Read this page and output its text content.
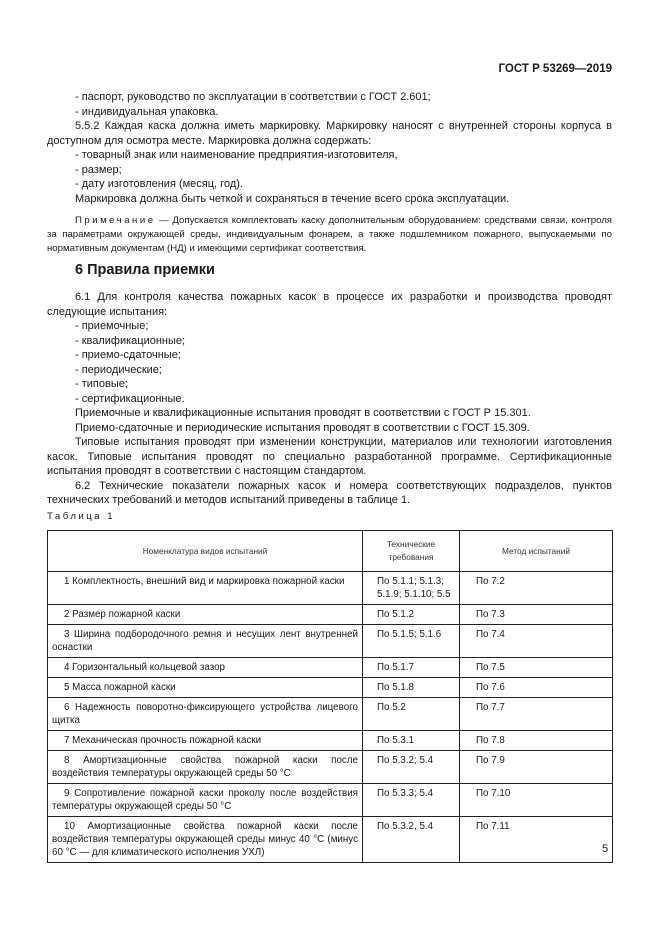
ГОСТ Р 53269—2019
- паспорт, руководство по эксплуатации в соответствии с ГОСТ 2.601;
- индивидуальная упаковка.

5.5.2 Каждая каска должна иметь маркировку. Маркировку наносят с внутренней стороны корпуса в доступном для осмотра месте. Маркировка должна содержать:

- товарный знак или наименование предприятия-изготовителя,
- размер;
- дату изготовления (месяц, год).

Маркировка должна быть четкой и сохраняться в течение всего срока эксплуатации.

Примечание — Допускается комплектовать каску дополнительным оборудованием: средствами связи, контроля за параметрами окружающей среды, индивидуальным фонарем, а также подшлемником пожарного, выпускаемыми по нормативным документам (НД) и имеющими сертификат соответствия.

6 Правила приемки

6.1 Для контроля качества пожарных касок в процессе их разработки и производства проводят следующие испытания:

- приемочные;
- квалификационные;
- приемо-сдаточные;
- периодические;
- типовые;
- сертификационные.

Приемочные и квалификационные испытания проводят в соответствии с ГОСТ Р 15.301.

Приемо-сдаточные и периодические испытания проводят в соответствии с ГОСТ 15.309.

Типовые испытания проводят при изменении конструкции, материалов или технологии изготовления касок. Типовые испытания проводят по специально разработанной программе. Сертификационные испытания проводят в соответствии с настоящим стандартом.

6.2 Технические показатели пожарных касок и номера соответствующих подразделов, пунктов технических требований и методов испытаний приведены в таблице 1.

Таблица 1
Номенклатура видов испытаний	Технические требования	Метод испытаний

1 Комплектность, внешний вид и маркировка пожарной каски	По 5.1.1; 5.1.3; 5.1.9; 5.1.10; 5.5	По 7.2

2 Размер пожарной каски	По 5.1.2	По 7.3

3 Ширина подбородочного ремня и несущих лент внутренней оснастки	По 5.1.5; 5.1.6	По 7.4

4 Горизонтальный кольцевой зазор	По 5.1.7	По 7.5

5 Масса пожарной каски	По 5.1.8	По 7.6

6 Надежность поворотно-фиксирующего устройства лицевого щитка	По 5.2	По 7.7

7 Механическая прочность пожарной каски	По 5.3.1	По 7.8

8 Амортизационные свойства пожарной каски после воздействия температуры окружающей среды 50 °С	По 5.3.2; 5.4	По 7.9

9 Сопротивление пожарной каски проколу после воздействия температуры окружающей среды 50 °С	По 5.3.3; 5.4	По 7.10

10 Амортизационные свойства пожарной каски после воздействия температуры окружающей среды минус 40 °С (минус 60 °С — для климатического исполнения УХЛ)	По 5.3.2, 5.4	По 7.11
5
